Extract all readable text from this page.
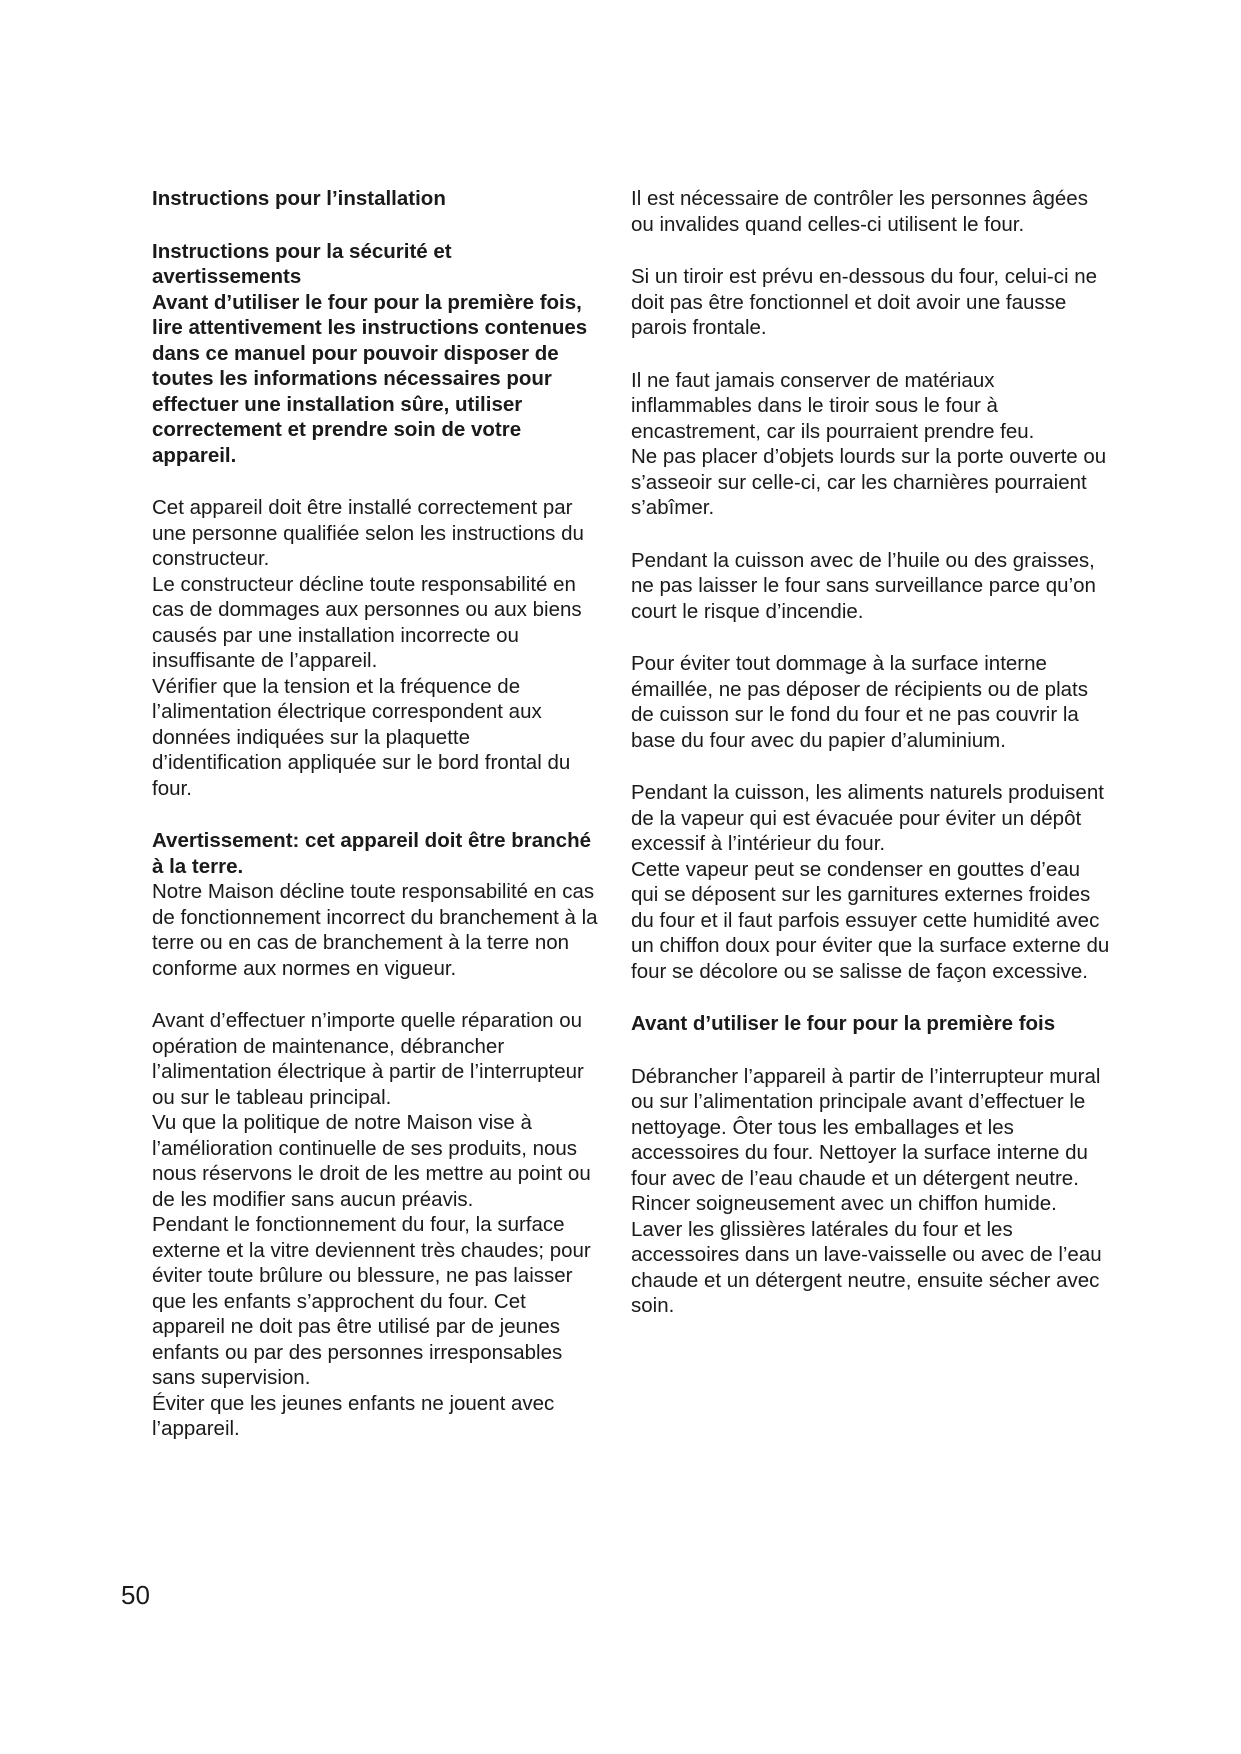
Instructions pour l’installation

Instructions pour la sécurité et avertissements

Avant d’utiliser le four pour la première fois, lire attentivement les instructions contenues dans ce manuel pour pouvoir disposer de toutes les informations nécessaires pour effectuer une installation sûre, utiliser correctement et prendre soin de votre appareil.

Cet appareil doit être installé correctement par une personne qualifiée selon les instructions du constructeur.

Le constructeur décline toute responsabilité en cas de dommages aux personnes ou aux biens causés par une installation incorrecte ou insuffisante de l’appareil.

Vérifier que la tension et la fréquence de l’alimentation électrique correspondent aux données indiquées sur la plaquette d’identification appliquée sur le bord frontal du four.

Avertissement: cet appareil doit être branché à la terre.

Notre Maison décline toute responsabilité en cas de fonctionnement incorrect du branchement à la terre ou en cas de branchement à la terre non conforme aux normes en vigueur.

Avant d’effectuer n’importe quelle réparation ou opération de maintenance, débrancher l’alimentation électrique à partir de l’interrupteur ou sur le tableau principal.

Vu que la politique de notre Maison vise à l’amélioration continuelle de ses produits, nous nous réservons le droit de les mettre au point ou de les modifier sans aucun préavis.

Pendant le fonctionnement du four, la surface externe et la vitre deviennent très chaudes; pour éviter toute brûlure ou blessure, ne pas laisser que les enfants s’approchent du four. Cet appareil ne doit pas être utilisé par de jeunes enfants ou par des personnes irresponsables sans supervision.

Éviter que les jeunes enfants ne jouent avec l’appareil.

Il est nécessaire de contrôler les personnes âgées ou invalides quand celles-ci utilisent le four.

Si un tiroir est prévu en-dessous du four, celui-ci ne doit pas être fonctionnel et doit avoir une fausse parois frontale.

Il ne faut jamais conserver de matériaux inflammables dans le tiroir sous le four à encastrement, car ils pourraient prendre feu.

Ne pas placer d’objets lourds sur la porte ouverte ou s’asseoir sur celle-ci, car les charnières pourraient s’abîmer.

Pendant la cuisson avec de l’huile ou des graisses, ne pas laisser le four sans surveillance parce qu’on court le risque d’incendie.

Pour éviter tout dommage à la surface interne émaillée, ne pas déposer de récipients ou de plats de cuisson sur le fond du four et ne pas couvrir la base du four avec du papier d’aluminium.

Pendant la cuisson, les aliments naturels produisent de la vapeur qui est évacuée pour éviter un dépôt excessif à l’intérieur du four.

Cette vapeur peut se condenser en gouttes d’eau qui se déposent sur les garnitures externes froides du four et il faut parfois essuyer cette humidité avec un chiffon doux pour éviter que la surface externe du four se décolore ou se salisse de façon excessive.

Avant d’utiliser le four pour la première fois

Débrancher l’appareil à partir de l’interrupteur mural ou sur l’alimentation principale avant d’effectuer le nettoyage. Ôter tous les emballages et les accessoires du four. Nettoyer la surface interne du four avec de l’eau chaude et un détergent neutre.

Rincer soigneusement avec un chiffon humide. Laver les glissières latérales du four et les accessoires dans un lave-vaisselle ou avec de l’eau chaude et un détergent neutre, ensuite sécher avec soin.

50
